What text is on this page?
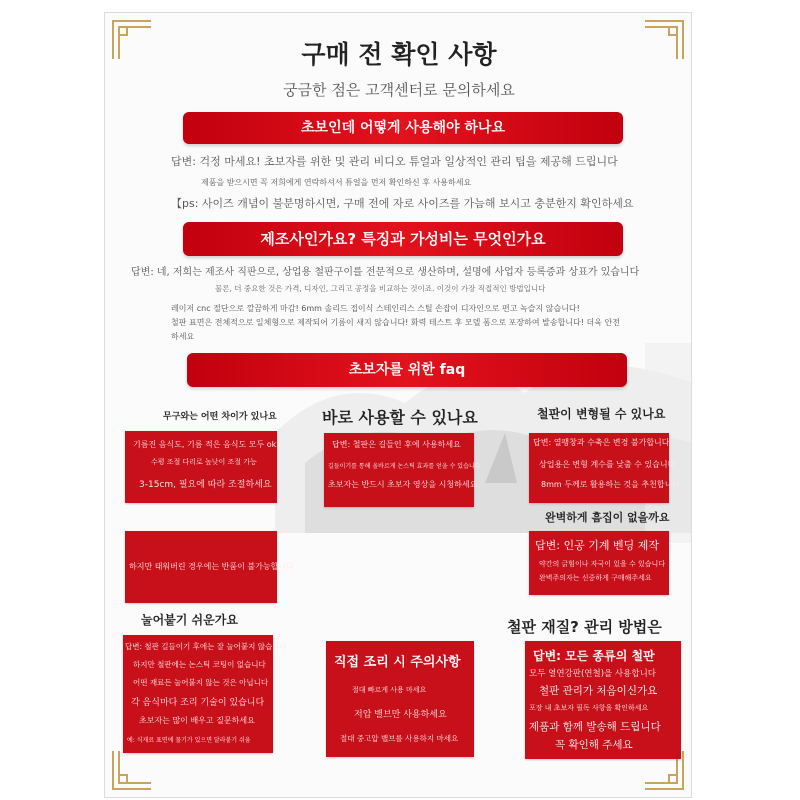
구매 전 확인 사항
궁금한 점은 고객센터로 문의하세요
초보인데 어떻게 사용해야 하나요
답변: 걱정 마세요! 초보자를 위한 및 관리 비디오 튜얼과 일상적인 관리 팁을 제공해 드립니다
제품을 받으시면 꼭 저희에게 연락하셔서 튜얼을 먼저 확인하신 후 사용하세요
【ps: 사이즈 개념이 불분명하시면, 구매 전에 자로 사이즈를 가늠해 보시고 충분한지 확인하세요
제조사인가요? 특징과 가성비는 무엇인가요
답변: 네, 저희는 제조사 직판으로, 상업용 철판구이를 전문적으로 생산하며, 설명에 사업자 등록증과 상표가 있습니다
물론, 더 중요한 것은 가격, 디자인, 그리고 공정을 비교하는 것이죠. 이것이 가장 직접적인 방법입니다
레이저 cnc 절단으로 깔끔하게 마감! 6mm 솔리드 접이식 스테인리스 스틸 손잡이 디자인으로 편고 녹슬지 않습니다!
철판 표면은 전체적으로 일체형으로 제작되어 기름이 새지 않습니다! 화력 테스트 후 모델 폼으로 포장하여 발송합니다! 더욱 안전
하세요
초보자를 위한 faq
무구와는 어떤 차이가 있나요
기름진 음식도, 기름 적은 음식도 모두 ok
수평 조절 다리로 높낮이 조절 가능
3-15cm, 필요에 따라 조절하세요
바로 사용할 수 있나요
답변: 철판은 길들인 후에 사용하세요
길들이기를 통해 올바르게 논스틱 효과를 얻을 수 있습니다
초보자는 반드시 초보자 영상을 시청하세요
철판이 변형될 수 있나요
답변: 열팽창과 수축은 변경 불가합니다
상업용은 변형 계수를 낮출 수 있습니다
8mm 두께로 활용하는 것을 추천합니다
하지만 태워버린 경우에는 반품이 불가능합니다
완벽하게 흠집이 없을까요
답변: 인공 기계 벤딩 제작
약간의 긁힘이나 자국이 있을 수 있습니다
완벽주의자는 신중하게 구매해주세요
눌어붙기 쉬운가요
답변: 철판 길들이기 후에는 잘 눌어붙지 않습니다
하지만 철판에는 논스틱 코팅이 없습니다
어떤 재료든 눌어붙지 않는 것은 아닙니다
각 음식마다 조리 기술이 있습니다
초보자는 많이 배우고 질문하세요
예: 식재료 표면에 물기가 있으면 달라붙기 쉬움
직접 조리 시 주의사항
절대 빠르게 사용 마세요
저압 밸브만 사용하세요
절대 중고압 밸브를 사용하지 마세요
철판 재질? 관리 방법은
답변: 모든 종류의 철판
모두 열연강판(연철)을 사용합니다
철판 관리가 처음이신가요
포장 내 초보자 필독 사항을 확인하세요
제품과 함께 발송해 드립니다
꼭 확인해 주세요
